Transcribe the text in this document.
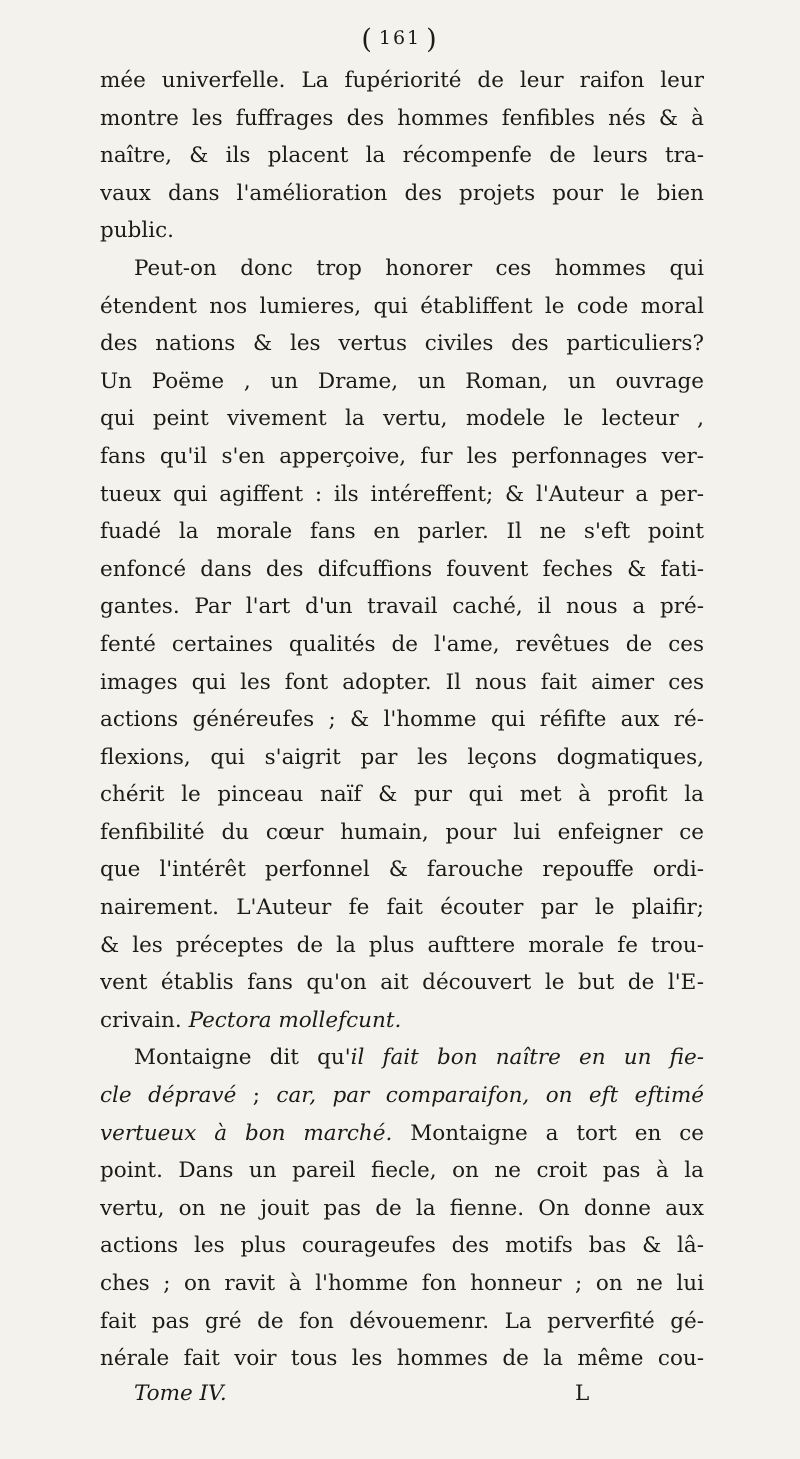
( 161 )
mée univerfelle. La fupériorité de leur raifon leur
montre les fuffrages des hommes fenfibles nés & à
naître, & ils placent la récompenfe de leurs tra-
vaux dans l'amélioration des projets pour le bien
public.
Peut-on donc trop honorer ces hommes qui
étendent nos lumieres, qui établiffent le code moral
des nations & les vertus civiles des particuliers?
Un Poëme , un Drame, un Roman, un ouvrage
qui peint vivement la vertu, modele le lecteur ,
fans qu'il s'en apperçoive, fur les perfonnages ver-
tueux qui agiffent : ils intéreffent; & l'Auteur a per-
fuadé la morale fans en parler. Il ne s'eft point
enfoncé dans des difcuffions fouvent feches & fati-
gantes. Par l'art d'un travail caché, il nous a pré-
fenté certaines qualités de l'ame, revêtues de ces
images qui les font adopter. Il nous fait aimer ces
actions généreufes ; & l'homme qui réfifte aux ré-
flexions, qui s'aigrit par les leçons dogmatiques,
chérit le pinceau naïf & pur qui met à profit la
fenfibilité du cœur humain, pour lui enfeigner ce
que l'intérêt perfonnel & farouche repouffe ordi-
nairement. L'Auteur fe fait écouter par le plaifir;
& les préceptes de la plus aufttere morale fe trou-
vent établis fans qu'on ait découvert le but de l'E-
crivain. Pectora mollefcunt.
Montaigne dit qu'il fait bon naître en un fie-
cle dépravé ; car, par comparaifon, on eft eftimé
vertueux à bon marché. Montaigne a tort en ce
point. Dans un pareil fiecle, on ne croit pas à la
vertu, on ne jouit pas de la fienne. On donne aux
actions les plus courageufes des motifs bas & lâ-
ches ; on ravit à l'homme fon honneur ; on ne lui
fait pas gré de fon dévouemenr. La perverfité gé-
nérale fait voir tous les hommes de la même cou-
Tome IV.	L
